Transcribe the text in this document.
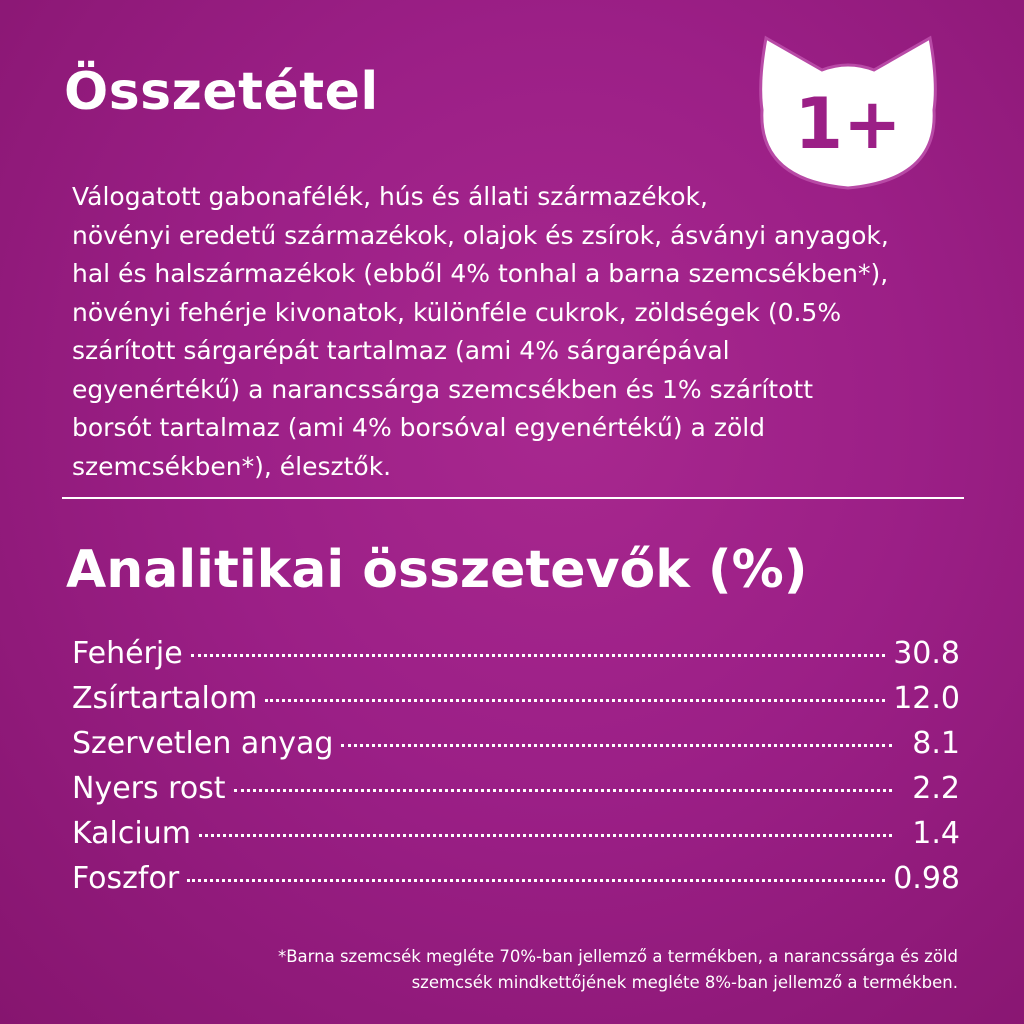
Összetétel	1+
Válogatott gabonafélék, hús és állati származékok,
növényi eredetű származékok, olajok és zsírok, ásványi anyagok,
hal és halszármazékok (ebből 4% tonhal a barna szemcsékben*),
növényi fehérje kivonatok, különféle cukrok, zöldségek (0.5%
szárított sárgarépát tartalmaz (ami 4% sárgarépával
egyenértékű) a narancssárga szemcsékben és 1% szárított
borsót tartalmaz (ami 4% borsóval egyenértékű) a zöld
szemcsékben*), élesztők.
Analitikai összetevők (%)
Fehérje	30.8
Zsírtartalom	12.0
Szervetlen anyag	8.1
Nyers rost	2.2
Kalcium	1.4
Foszfor	0.98
*Barna szemcsék megléte 70%-ban jellemző a termékben, a narancssárga és zöld
szemcsék mindkettőjének megléte 8%-ban jellemző a termékben.
